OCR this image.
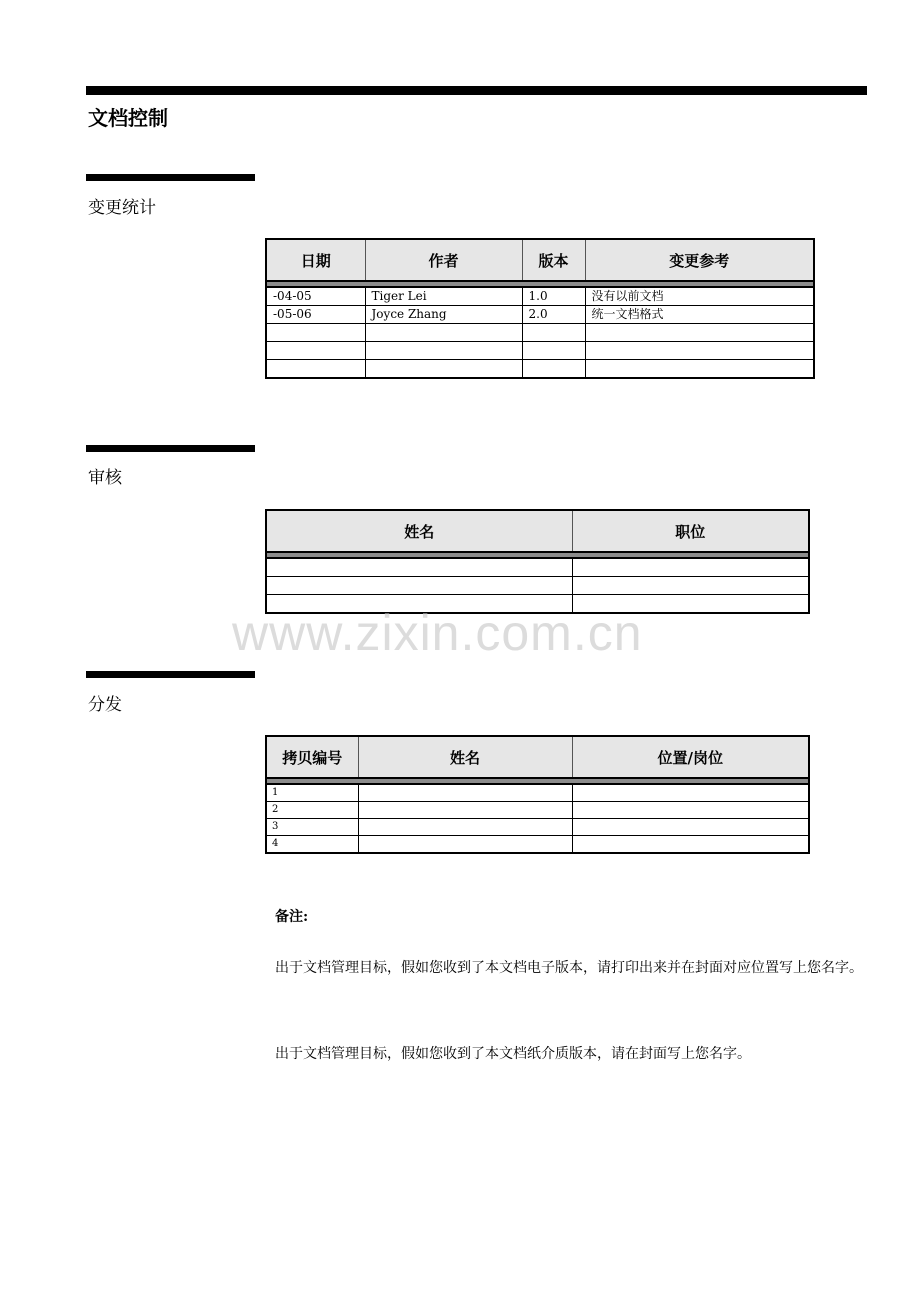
文档控制
变更统计
日期	作者	版本	变更参考

-04-05	Tiger Lei	1.0	没有以前文档
-05-06	Joyce Zhang	2.0	统一文档格式

审核
姓名	职位

www.zixin.com.cn
分发
拷贝编号	姓名	位置/岗位

1		
2		
3		
4		

备注:

出于文档管理目标，假如您收到了本文档电子版本，请打印出来并在封面对应位置写上您名字。

出于文档管理目标，假如您收到了本文档纸介质版本，请在封面写上您名字。
